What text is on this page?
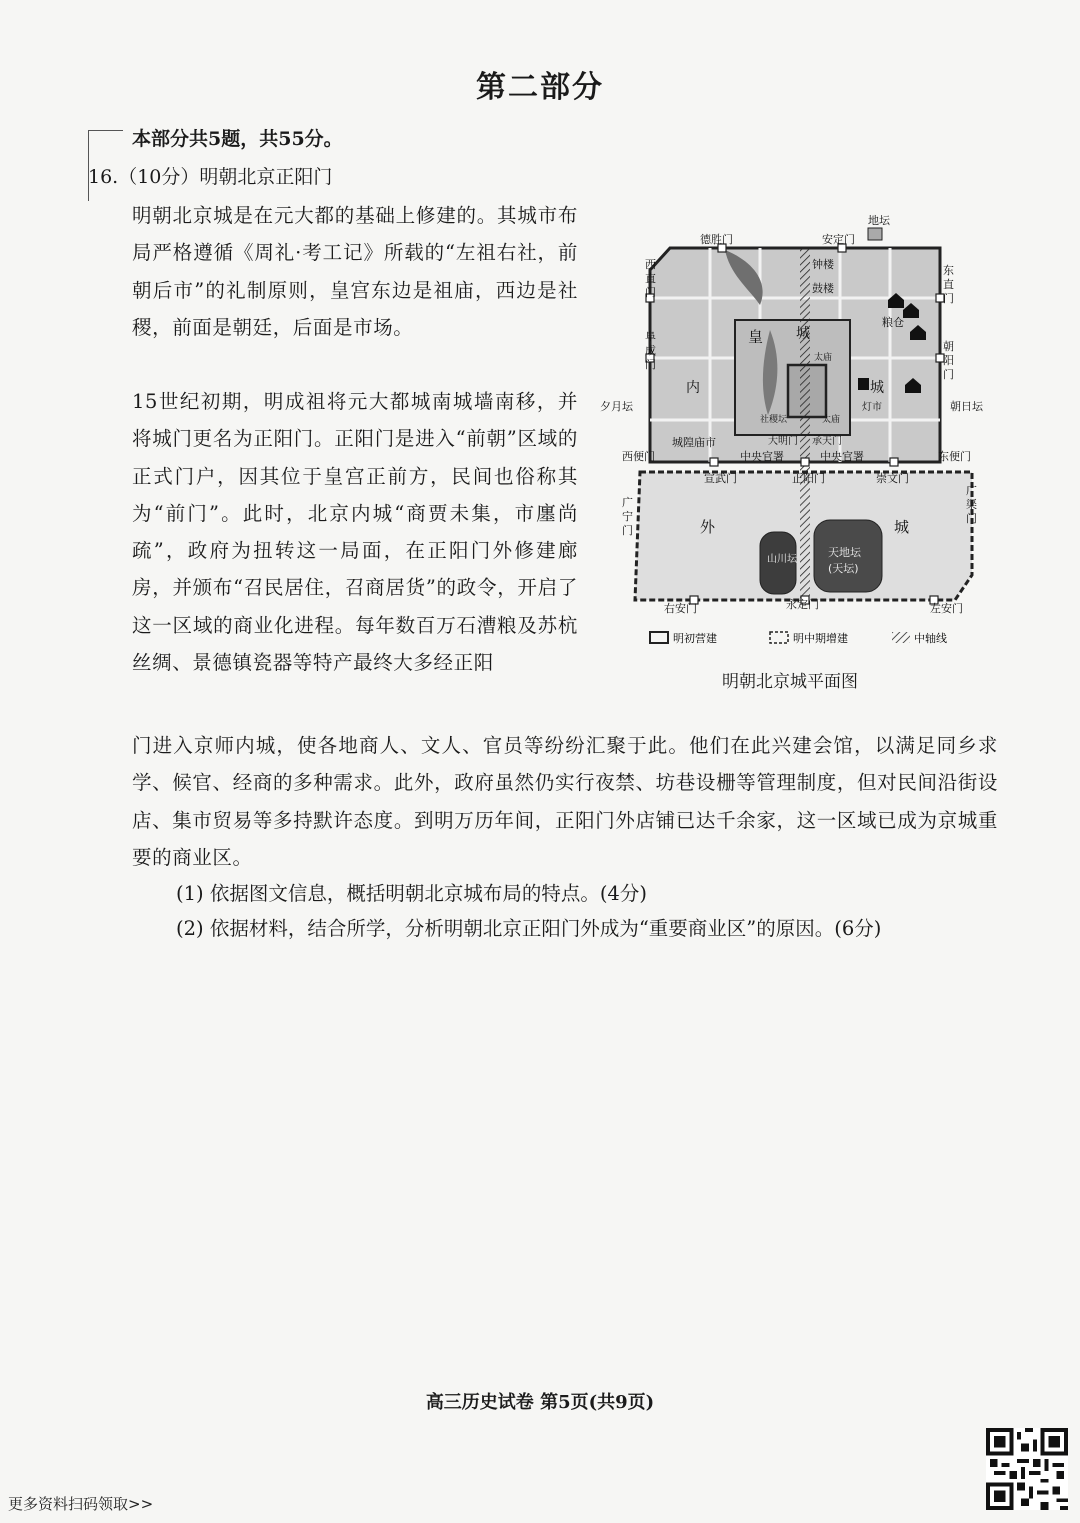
第二部分
本部分共5题，共55分。
16.（10分）明朝北京正阳门
明朝北京城是在元大都的基础上修建的。其城市布局严格遵循《周礼·考工记》所载的“左祖右社，前朝后市”的礼制原则，皇宫东边是祖庙，西边是社稷，前面是朝廷，后面是市场。
15世纪初期，明成祖将元大都城南城墙南移，并将城门更名为正阳门。正阳门是进入“前朝”区域的正式门户，因其位于皇宫正前方，民间也俗称其为“前门”。此时，北京内城“商贾未集，市廛尚疏”，政府为扭转这一局面，在正阳门外修建廊房，并颁布“召民居住，召商居货”的政令，开启了这一区域的商业化进程。每年数百万石漕粮及苏杭丝绸、景德镇瓷器等特产最终大多经正阳
门进入京师内城，使各地商人、文人、官员等纷纷汇聚于此。他们在此兴建会馆，以满足同乡求学、候官、经商的多种需求。此外，政府虽然仍实行夜禁、坊巷设栅等管理制度，但对民间沿街设店、集市贸易等多持默许态度。到明万历年间，正阳门外店铺已达千余家，这一区域已成为京城重要的商业区。
(1) 依据图文信息，概括明朝北京城布局的特点。(4分)
(2) 依据材料，结合所学，分析明朝北京正阳门外成为“重要商业区”的原因。(6分)
地坛
德胜门	安定门
西
直
门
东
直
门
钟楼
鼓楼
粮仓
皇 城
太庙
阜
成
门
朝
阳
门
内	城
灯市
夕月坛	朝日坛
社稷坛	太庙
城隍庙市	大明门 承天门
西便门	东便门
中央官署	中央官署
宣武门	正阳门	崇文门
广
宁
门
广
渠
门
外	城
山川坛
天地坛
(天坛)
右安门	永定门	左安门
明初营建	明中期增建	中轴线
明朝北京城平面图
高三历史试卷 第5页(共9页)
更多资料扫码领取>>
